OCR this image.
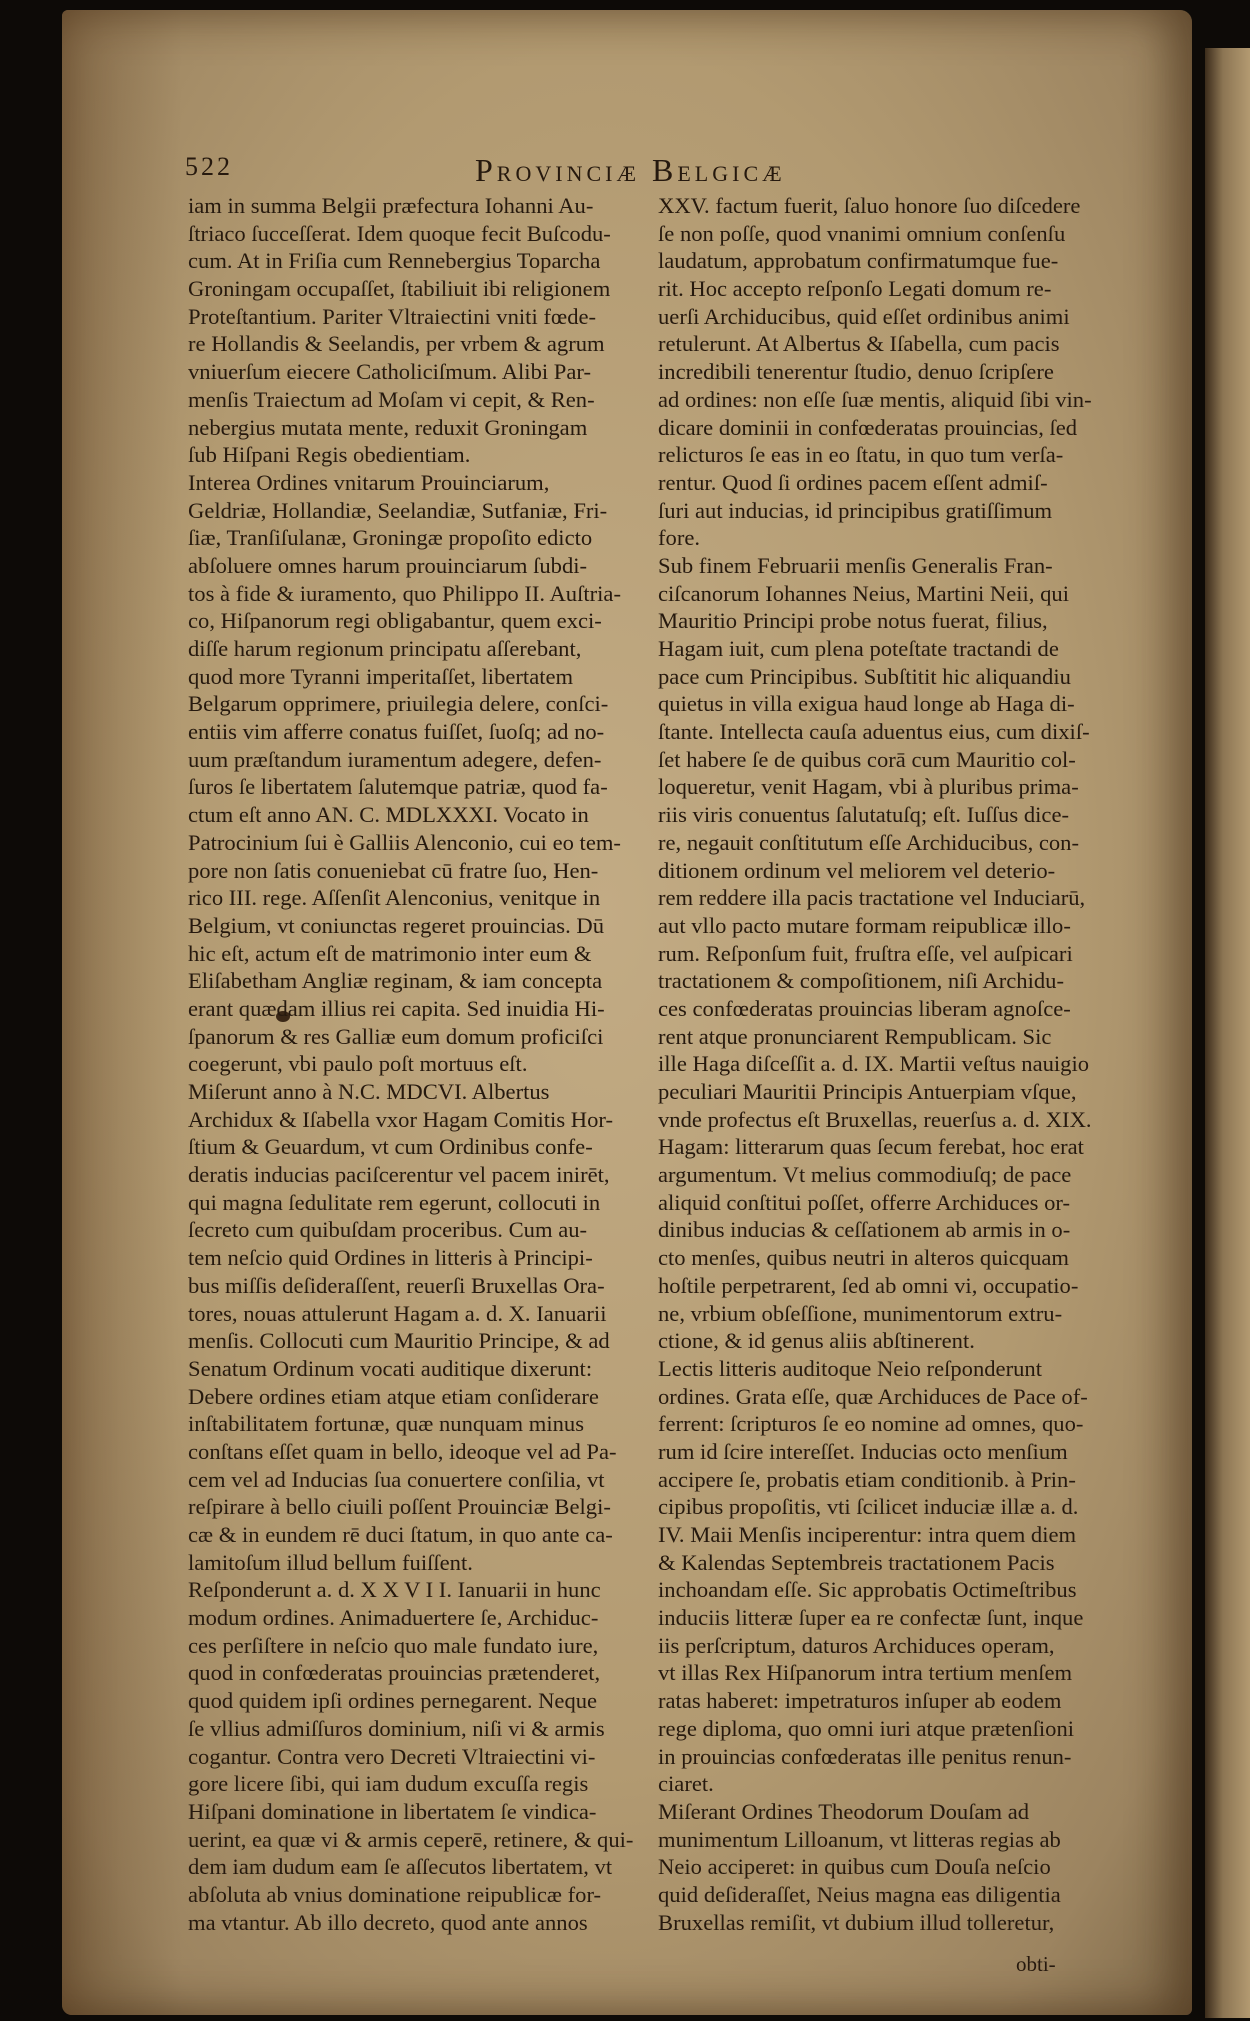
522	Provinciæ Belgicæ
iam in summa Belgii præfectura Iohanni Au-
ſtriaco ſucceſſerat. Idem quoque fecit Buſcodu-
cum. At in Friſia cum Rennebergius Toparcha
Groningam occupaſſet, ſtabiliuit ibi religionem
Proteſtantium. Pariter Vltraiectini vniti fœde-
re Hollandis & Seelandis, per vrbem & agrum
vniuerſum eiecere Catholiciſmum. Alibi Par-
menſis Traiectum ad Moſam vi cepit, & Ren-
nebergius mutata mente, reduxit Groningam
ſub Hiſpani Regis obedientiam.
Interea Ordines vnitarum Prouinciarum,
Geldriæ, Hollandiæ, Seelandiæ, Sutfaniæ, Fri-
ſiæ, Tranſiſulanæ, Groningæ propoſito edicto
abſoluere omnes harum prouinciarum ſubdi-
tos à fide & iuramento, quo Philippo II. Auſtria-
co, Hiſpanorum regi obligabantur, quem exci-
diſſe harum regionum principatu aſſerebant,
quod more Tyranni imperitaſſet, libertatem
Belgarum opprimere, priuilegia delere, conſci-
entiis vim afferre conatus fuiſſet, ſuoſq; ad no-
uum præſtandum iuramentum adegere, defen-
ſuros ſe libertatem ſalutemque patriæ, quod fa-
ctum eſt anno AN. C. MDLXXXI. Vocato in
Patrocinium ſui è Galliis Alenconio, cui eo tem-
pore non ſatis conueniebat cū fratre ſuo, Hen-
rico III. rege. Aſſenſit Alenconius, venitque in
Belgium, vt coniunctas regeret prouincias. Dū
hic eſt, actum eſt de matrimonio inter eum &
Eliſabetham Angliæ reginam, & iam concepta
erant quædam illius rei capita. Sed inuidia Hi-
ſpanorum & res Galliæ eum domum proficiſci
coegerunt, vbi paulo poſt mortuus eſt.
Miſerunt anno à N.C. MDCVI. Albertus
Archidux & Iſabella vxor Hagam Comitis Hor-
ſtium & Geuardum, vt cum Ordinibus confe-
deratis inducias paciſcerentur vel pacem inirēt,
qui magna ſedulitate rem egerunt, collocuti in
ſecreto cum quibuſdam proceribus. Cum au-
tem neſcio quid Ordines in litteris à Principi-
bus miſſis deſideraſſent, reuerſi Bruxellas Ora-
tores, nouas attulerunt Hagam a. d. X. Ianuarii
menſis. Collocuti cum Mauritio Principe, & ad
Senatum Ordinum vocati auditique dixerunt:
Debere ordines etiam atque etiam conſiderare
inſtabilitatem fortunæ, quæ nunquam minus
conſtans eſſet quam in bello, ideoque vel ad Pa-
cem vel ad Inducias ſua conuertere conſilia, vt
reſpirare à bello ciuili poſſent Prouinciæ Belgi-
cæ & in eundem rē duci ſtatum, in quo ante ca-
lamitoſum illud bellum fuiſſent.
Reſponderunt a. d. X X V I I. Ianuarii in hunc
modum ordines. Animaduertere ſe, Archiduc-
ces perſiſtere in neſcio quo male fundato iure,
quod in confœderatas prouincias prætenderet,
quod quidem ipſi ordines pernegarent. Neque
ſe vllius admiſſuros dominium, niſi vi & armis
cogantur. Contra vero Decreti Vltraiectini vi-
gore licere ſibi, qui iam dudum excuſſa regis
Hiſpani dominatione in libertatem ſe vindica-
uerint, ea quæ vi & armis ceperē, retinere, & qui-
dem iam dudum eam ſe aſſecutos libertatem, vt
abſoluta ab vnius dominatione reipublicæ for-
ma vtantur. Ab illo decreto, quod ante annos
XXV. factum fuerit, ſaluo honore ſuo diſcedere
ſe non poſſe, quod vnanimi omnium conſenſu
laudatum, approbatum confirmatumque fue-
rit. Hoc accepto reſponſo Legati domum re-
uerſi Archiducibus, quid eſſet ordinibus animi
retulerunt. At Albertus & Iſabella, cum pacis
incredibili tenerentur ſtudio, denuo ſcripſere
ad ordines: non eſſe ſuæ mentis, aliquid ſibi vin-
dicare dominii in confœderatas prouincias, ſed
relicturos ſe eas in eo ſtatu, in quo tum verſa-
rentur. Quod ſi ordines pacem eſſent admiſ-
ſuri aut inducias, id principibus gratiſſimum
fore.
Sub finem Februarii menſis Generalis Fran-
ciſcanorum Iohannes Neius, Martini Neii, qui
Mauritio Principi probe notus fuerat, filius,
Hagam iuit, cum plena poteſtate tractandi de
pace cum Principibus. Subſtitit hic aliquandiu
quietus in villa exigua haud longe ab Haga di-
ſtante. Intellecta cauſa aduentus eius, cum dixiſ-
ſet habere ſe de quibus corā cum Mauritio col-
loqueretur, venit Hagam, vbi à pluribus prima-
riis viris conuentus ſalutatuſq; eſt. Iuſſus dice-
re, negauit conſtitutum eſſe Archiducibus, con-
ditionem ordinum vel meliorem vel deterio-
rem reddere illa pacis tractatione vel Induciarū,
aut vllo pacto mutare formam reipublicæ illo-
rum. Reſponſum fuit, fruſtra eſſe, vel auſpicari
tractationem & compoſitionem, niſi Archidu-
ces confœderatas prouincias liberam agnoſce-
rent atque pronunciarent Rempublicam. Sic
ille Haga diſceſſit a. d. IX. Martii veſtus nauigio
peculiari Mauritii Principis Antuerpiam vſque,
vnde profectus eſt Bruxellas, reuerſus a. d. XIX.
Hagam: litterarum quas ſecum ferebat, hoc erat
argumentum. Vt melius commodiuſq; de pace
aliquid conſtitui poſſet, offerre Archiduces or-
dinibus inducias & ceſſationem ab armis in o-
cto menſes, quibus neutri in alteros quicquam
hoſtile perpetrarent, ſed ab omni vi, occupatio-
ne, vrbium obſeſſione, munimentorum extru-
ctione, & id genus aliis abſtinerent.
Lectis litteris auditoque Neio reſponderunt
ordines. Grata eſſe, quæ Archiduces de Pace of-
ferrent: ſcripturos ſe eo nomine ad omnes, quo-
rum id ſcire intereſſet. Inducias octo menſium
accipere ſe, probatis etiam conditionib. à Prin-
cipibus propoſitis, vti ſcilicet induciæ illæ a. d.
IV. Maii Menſis inciperentur: intra quem diem
& Kalendas Septembreis tractationem Pacis
inchoandam eſſe. Sic approbatis Octimeſtribus
induciis litteræ ſuper ea re confectæ ſunt, inque
iis perſcriptum, daturos Archiduces operam,
vt illas Rex Hiſpanorum intra tertium menſem
ratas haberet: impetraturos inſuper ab eodem
rege diploma, quo omni iuri atque prætenſioni
in prouincias confœderatas ille penitus renun-
ciaret.
Miſerant Ordines Theodorum Douſam ad
munimentum Lilloanum, vt litteras regias ab
Neio acciperet: in quibus cum Douſa neſcio
quid deſideraſſet, Neius magna eas diligentia
Bruxellas remiſit, vt dubium illud tolleretur,
obti-
